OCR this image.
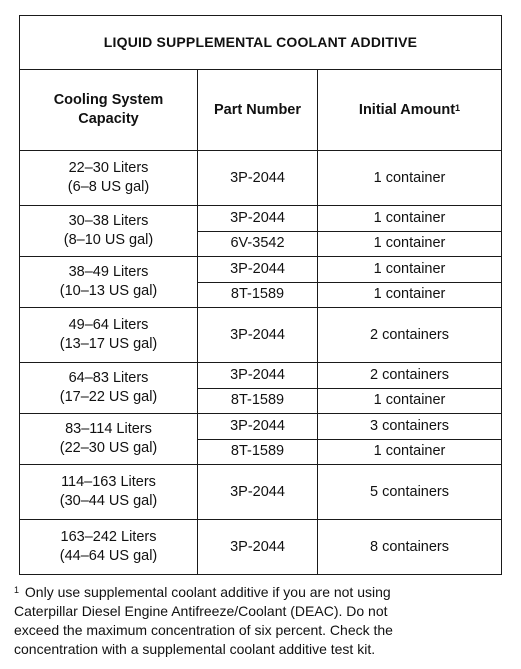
LIQUID SUPPLEMENTAL COOLANT ADDITIVE		

Cooling System
Capacity	Part Number	Initial Amount$^1$

22–30 Liters
(6–8 US gal)	3P-2044	1 container

30–38 Liters
(8–10 US gal)	3P-2044	1 container
	6V-3542	1 container

38–49 Liters
(10–13 US gal)	3P-2044	1 container
	8T-1589	1 container

49–64 Liters
(13–17 US gal)	3P-2044	2 containers

64–83 Liters
(17–22 US gal)	3P-2044	2 containers
	8T-1589	1 container

83–114 Liters
(22–30 US gal)	3P-2044	3 containers
	8T-1589	1 container

114–163 Liters
(30–44 US gal)	3P-2044	5 containers

163–242 Liters
(44–64 US gal)	3P-2044	8 containers
$^1$ Only use supplemental coolant additive if you are not using
Caterpillar Diesel Engine Antifreeze/Coolant (DEAC). Do not
exceed the maximum concentration of six percent. Check the
concentration with a supplemental coolant additive test kit.
